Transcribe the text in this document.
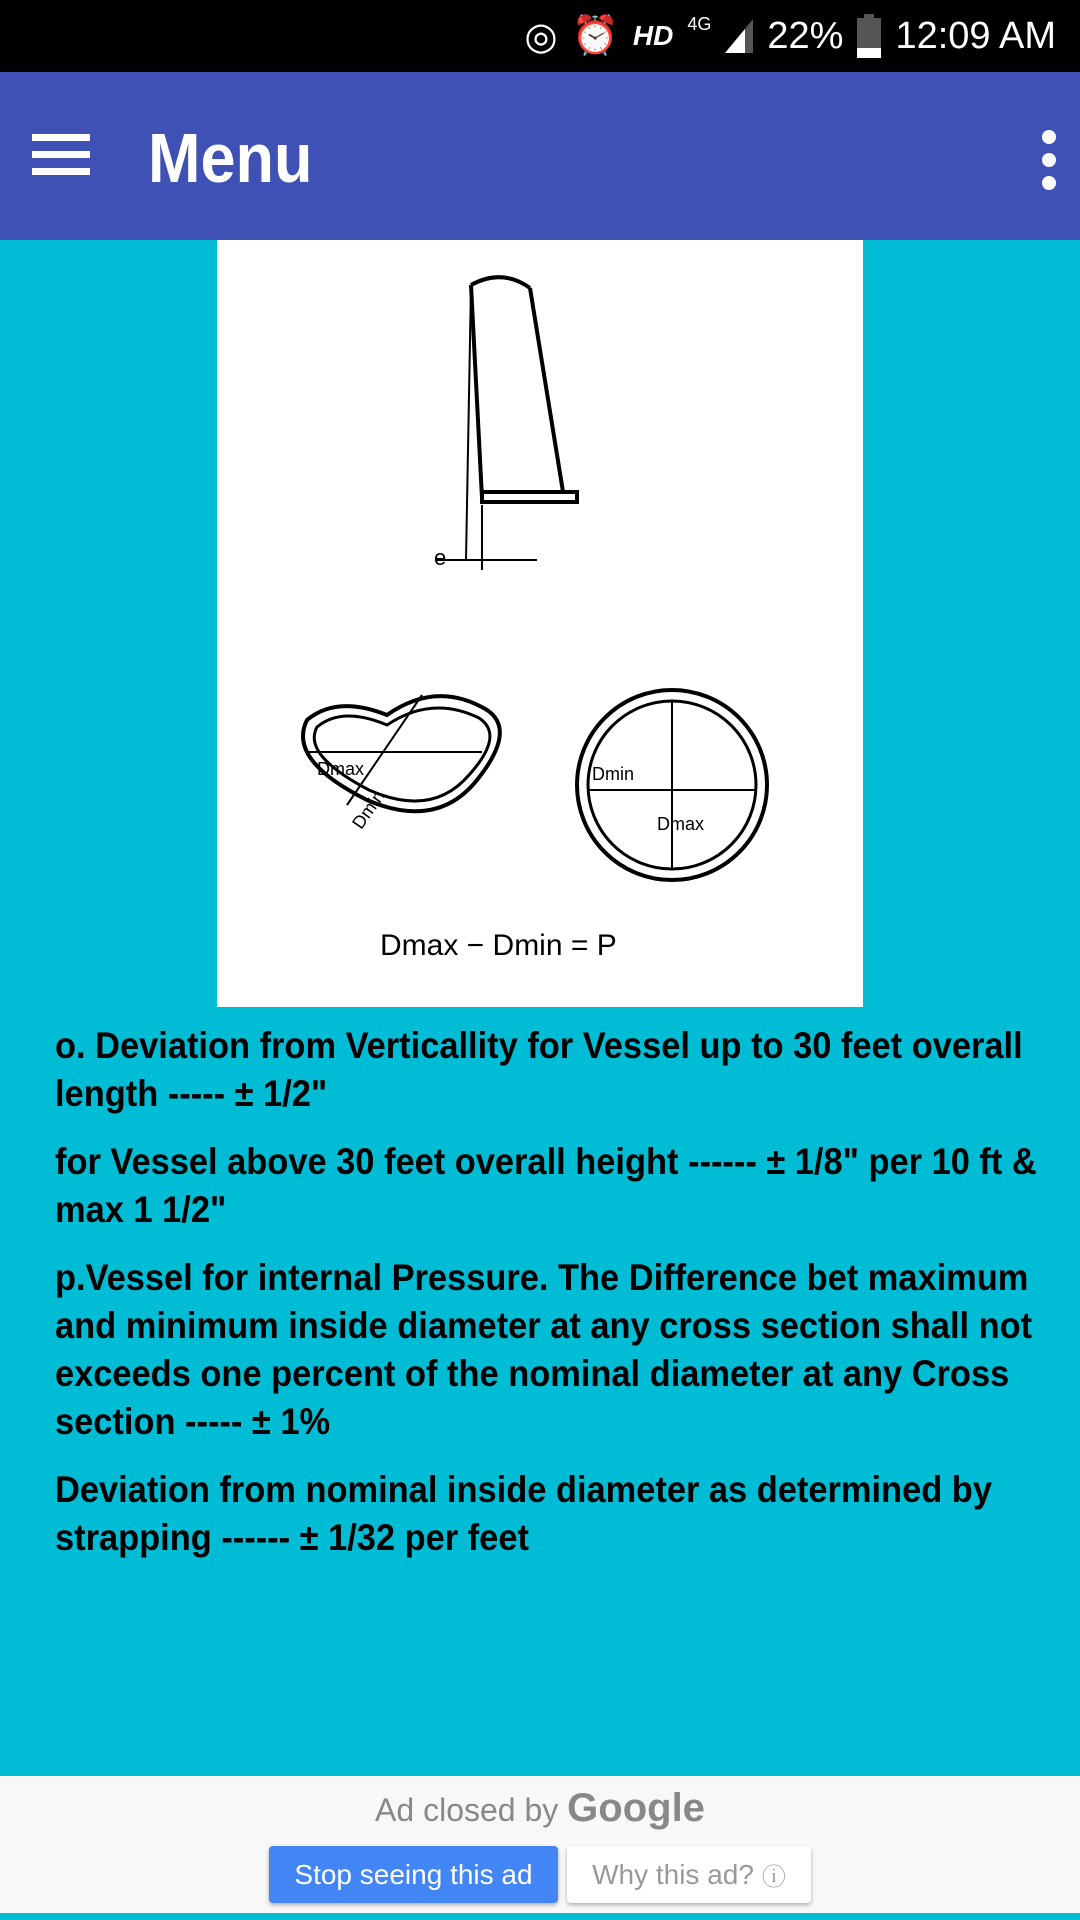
◎ ⏰ HD 4G 22% 12:09 AM
Menu
Dmax	Dmin
Dmin	Dmax
e
Dmax − Dmin = P

o. Deviation from Verticallity for Vessel up to 30 feet overall length ----- ± 1/2"

for Vessel above 30 feet overall height ------ ± 1/8" per 10 ft & max 1 1/2"

p.Vessel for internal Pressure. The Difference bet maximum and minimum inside diameter at any cross section shall not exceeds one percent of the nominal diameter at any Cross section ----- ± 1%

Deviation from nominal inside diameter as determined by strapping ------ ± 1/32 per feet

Ad closed by Google
Stop seeing this ad	Why this ad? ⓘ
